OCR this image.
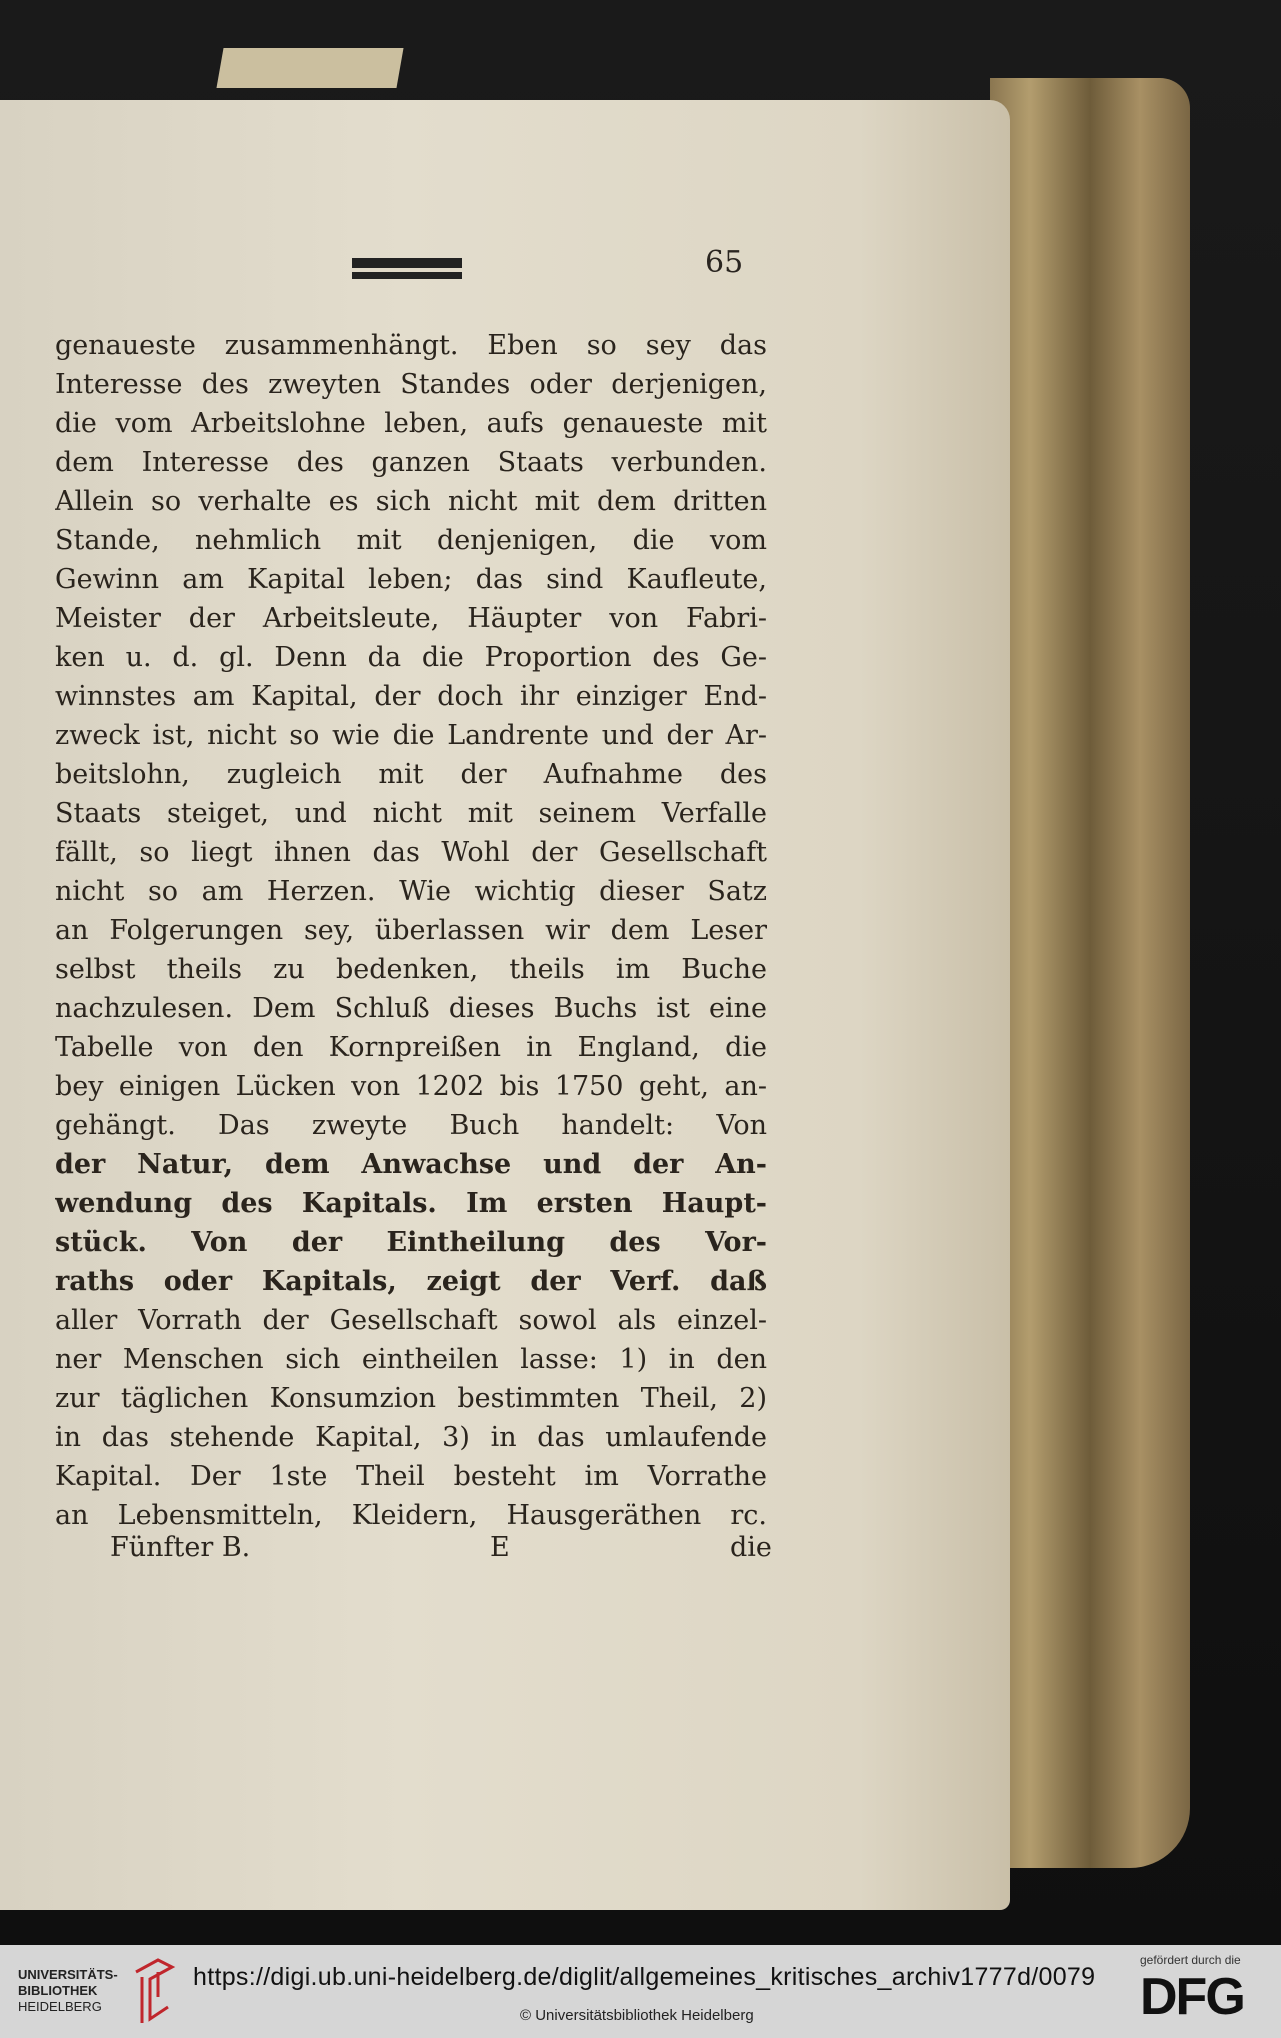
65
genaueste zusammenhängt. Eben so sey das
Interesse des zweyten Standes oder derjenigen,
die vom Arbeitslohne leben, aufs genaueste mit
dem Interesse des ganzen Staats verbunden.
Allein so verhalte es sich nicht mit dem dritten
Stande, nehmlich mit denjenigen, die vom
Gewinn am Kapital leben; das sind Kaufleute,
Meister der Arbeitsleute, Häupter von Fabri-
ken u. d. gl. Denn da die Proportion des Ge-
winnstes am Kapital, der doch ihr einziger End-
zweck ist, nicht so wie die Landrente und der Ar-
beitslohn, zugleich mit der Aufnahme des
Staats steiget, und nicht mit seinem Verfalle
fällt, so liegt ihnen das Wohl der Gesellschaft
nicht so am Herzen. Wie wichtig dieser Satz
an Folgerungen sey, überlassen wir dem Leser
selbst theils zu bedenken, theils im Buche
nachzulesen. Dem Schluß dieses Buchs ist eine
Tabelle von den Kornpreißen in England, die
bey einigen Lücken von 1202 bis 1750 geht, an-
gehängt. Das zweyte Buch handelt: Von
der Natur, dem Anwachse und der An-
wendung des Kapitals. Im ersten Haupt-
stück. Von der Eintheilung des Vor-
raths oder Kapitals, zeigt der Verf. daß
aller Vorrath der Gesellschaft sowol als einzel-
ner Menschen sich eintheilen lasse: 1) in den
zur täglichen Konsumzion bestimmten Theil, 2)
in das stehende Kapital, 3) in das umlaufende
Kapital. Der 1ste Theil besteht im Vorrathe
an Lebensmitteln, Kleidern, Hausgeräthen rc.
Fünfter B.	E	die
UNIVERSITÄTS-
BIBLIOTHEK
HEIDELBERG
https://digi.ub.uni-heidelberg.de/diglit/allgemeines_kritisches_archiv1777d/0079
© Universitätsbibliothek Heidelberg
gefördert durch die
DFG
